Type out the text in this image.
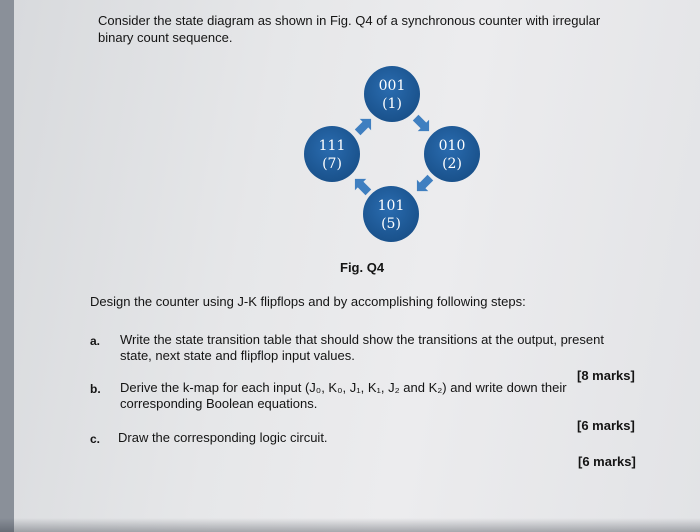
Consider the state diagram as shown in Fig. Q4 of a synchronous counter with irregular
binary count sequence.
001
(1)
010
(2)
101
(5)
111
(7)
Fig. Q4
Design the counter using J-K flipflops and by accomplishing following steps:
a. Write the state transition table that should show the transitions at the output, present
state, next state and flipflop input values.
[8 marks]
b. Derive the k-map for each input (J₀, K₀, J₁, K₁, J₂ and K₂) and write down their
corresponding Boolean equations.
[6 marks]
c. Draw the corresponding logic circuit.
[6 marks]
